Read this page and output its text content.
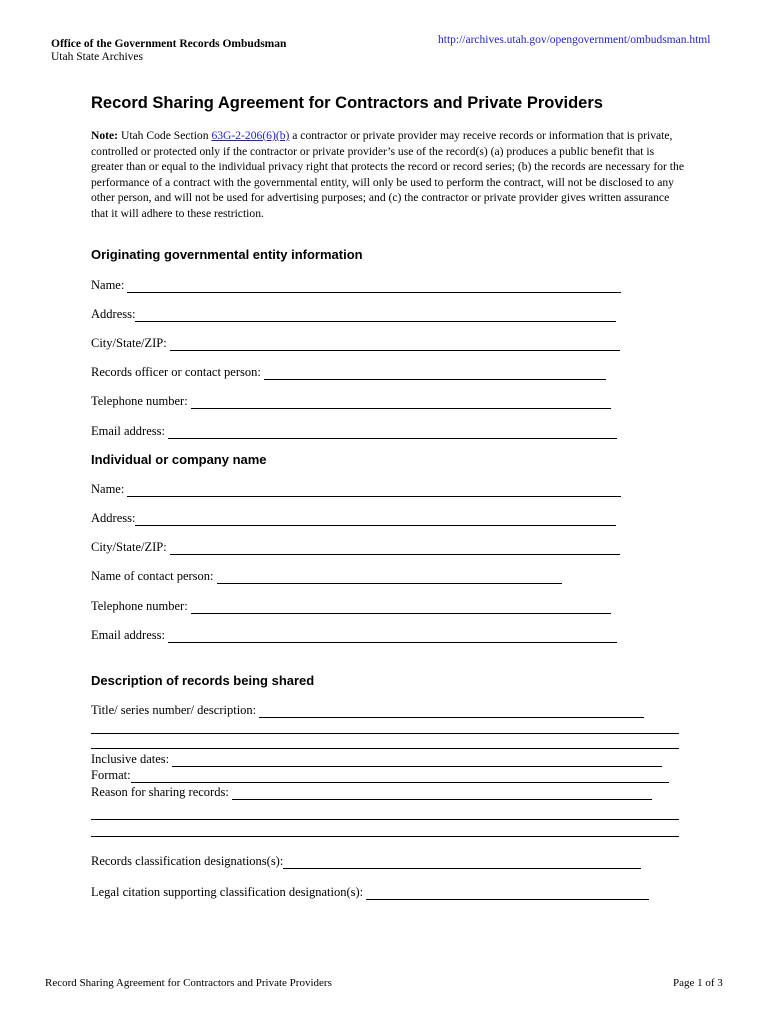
Office of the Government Records Ombudsman
Utah State Archives
http://archives.utah.gov/opengovernment/ombudsman.html
Record Sharing Agreement for Contractors and Private Providers
Note: Utah Code Section 63G-2-206(6)(b) a contractor or private provider may receive records or information that is private, controlled or protected only if the contractor or private provider’s use of the record(s) (a) produces a public benefit that is greater than or equal to the individual privacy right that protects the record or record series; (b) the records are necessary for the performance of a contract with the governmental entity, will only be used to perform the contract, will not be disclosed to any other person, and will not be used for advertising purposes; and (c) the contractor or private provider gives written assurance that it will adhere to these restriction.
Originating governmental entity information
Name:
Address:
City/State/ZIP:
Records officer or contact person:
Telephone number:
Email address:
Individual or company name
Name:
Address:
City/State/ZIP:
Name of contact person:
Telephone number:
Email address:
Description of records being shared
Title/ series number/ description:
Inclusive dates:
Format:
Reason for sharing records:
Records classification designations(s):
Legal citation supporting classification designation(s):
Record Sharing Agreement for Contractors and Private Providers	Page 1 of 3
